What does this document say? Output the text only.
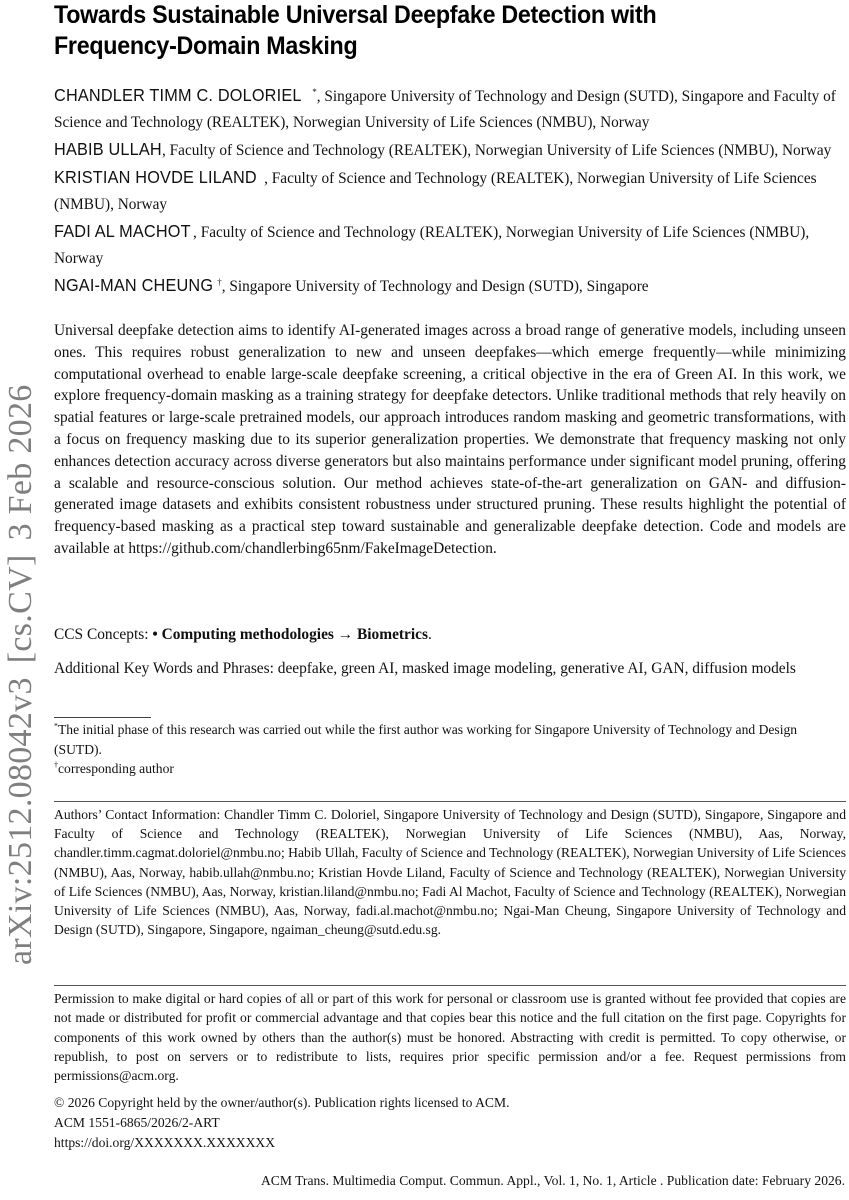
arXiv:2512.08042v3[cs.CV]3 Feb 2026
Towards Sustainable Universal Deepfake Detection with
Frequency-Domain Masking
CHANDLER TIMM C. DOLORIEL *, Singapore University of Technology and Design (SUTD), Singapore and Faculty of Science and Technology (REALTEK), Norwegian University of Life Sciences (NMBU), Norway
HABIB ULLAH, Faculty of Science and Technology (REALTEK), Norwegian University of Life Sciences (NMBU), Norway
KRISTIAN HOVDE LILAND , Faculty of Science and Technology (REALTEK), Norwegian University of Life Sciences (NMBU), Norway
FADI AL MACHOT , Faculty of Science and Technology (REALTEK), Norwegian University of Life Sciences (NMBU), Norway
NGAI-MAN CHEUNG †, Singapore University of Technology and Design (SUTD), Singapore

Universal deepfake detection aims to identify AI-generated images across a broad range of generative models, including unseen ones. This requires robust generalization to new and unseen deepfakes—which emerge frequently—while minimizing computational overhead to enable large-scale deepfake screening, a critical objective in the era of Green AI. In this work, we explore frequency-domain masking as a training strategy for deepfake detectors. Unlike traditional methods that rely heavily on spatial features or large-scale pretrained models, our approach introduces random masking and geometric transformations, with a focus on frequency masking due to its superior generalization properties. We demonstrate that frequency masking not only enhances detection accuracy across diverse generators but also maintains performance under significant model pruning, offering a scalable and resource-conscious solution. Our method achieves state-of-the-art generalization on GAN- and diffusion-generated image datasets and exhibits consistent robustness under structured pruning. These results highlight the potential of frequency-based masking as a practical step toward sustainable and generalizable deepfake detection. Code and models are available at https://github.com/chandlerbing65nm/FakeImageDetection.

CCS Concepts: • Computing methodologies → Biometrics.
Additional Key Words and Phrases: deepfake, green AI, masked image modeling, generative AI, GAN, diffusion models
*The initial phase of this research was carried out while the first author was working for Singapore University of Technology and Design (SUTD).
†corresponding author

Authors’ Contact Information: Chandler Timm C. Doloriel, Singapore University of Technology and Design (SUTD), Singapore, Singapore and Faculty of Science and Technology (REALTEK), Norwegian University of Life Sciences (NMBU), Aas, Norway, chandler.timm.cagmat.doloriel@nmbu.no; Habib Ullah, Faculty of Science and Technology (REALTEK), Norwegian University of Life Sciences (NMBU), Aas, Norway, habib.ullah@nmbu.no; Kristian Hovde Liland, Faculty of Science and Technology (REALTEK), Norwegian University of Life Sciences (NMBU), Aas, Norway, kristian.liland@nmbu.no; Fadi Al Machot, Faculty of Science and Technology (REALTEK), Norwegian University of Life Sciences (NMBU), Aas, Norway, fadi.al.machot@nmbu.no; Ngai-Man Cheung, Singapore University of Technology and Design (SUTD), Singapore, Singapore, ngaiman_cheung@sutd.edu.sg.

Permission to make digital or hard copies of all or part of this work for personal or classroom use is granted without fee provided that copies are not made or distributed for profit or commercial advantage and that copies bear this notice and the full citation on the first page. Copyrights for components of this work owned by others than the author(s) must be honored. Abstracting with credit is permitted. To copy otherwise, or republish, to post on servers or to redistribute to lists, requires prior specific permission and/or a fee. Request permissions from permissions@acm.org.

© 2026 Copyright held by the owner/author(s). Publication rights licensed to ACM.
ACM 1551-6865/2026/2-ART
https://doi.org/XXXXXXX.XXXXXXX
ACM Trans. Multimedia Comput. Commun. Appl., Vol. 1, No. 1, Article . Publication date: February 2026.
